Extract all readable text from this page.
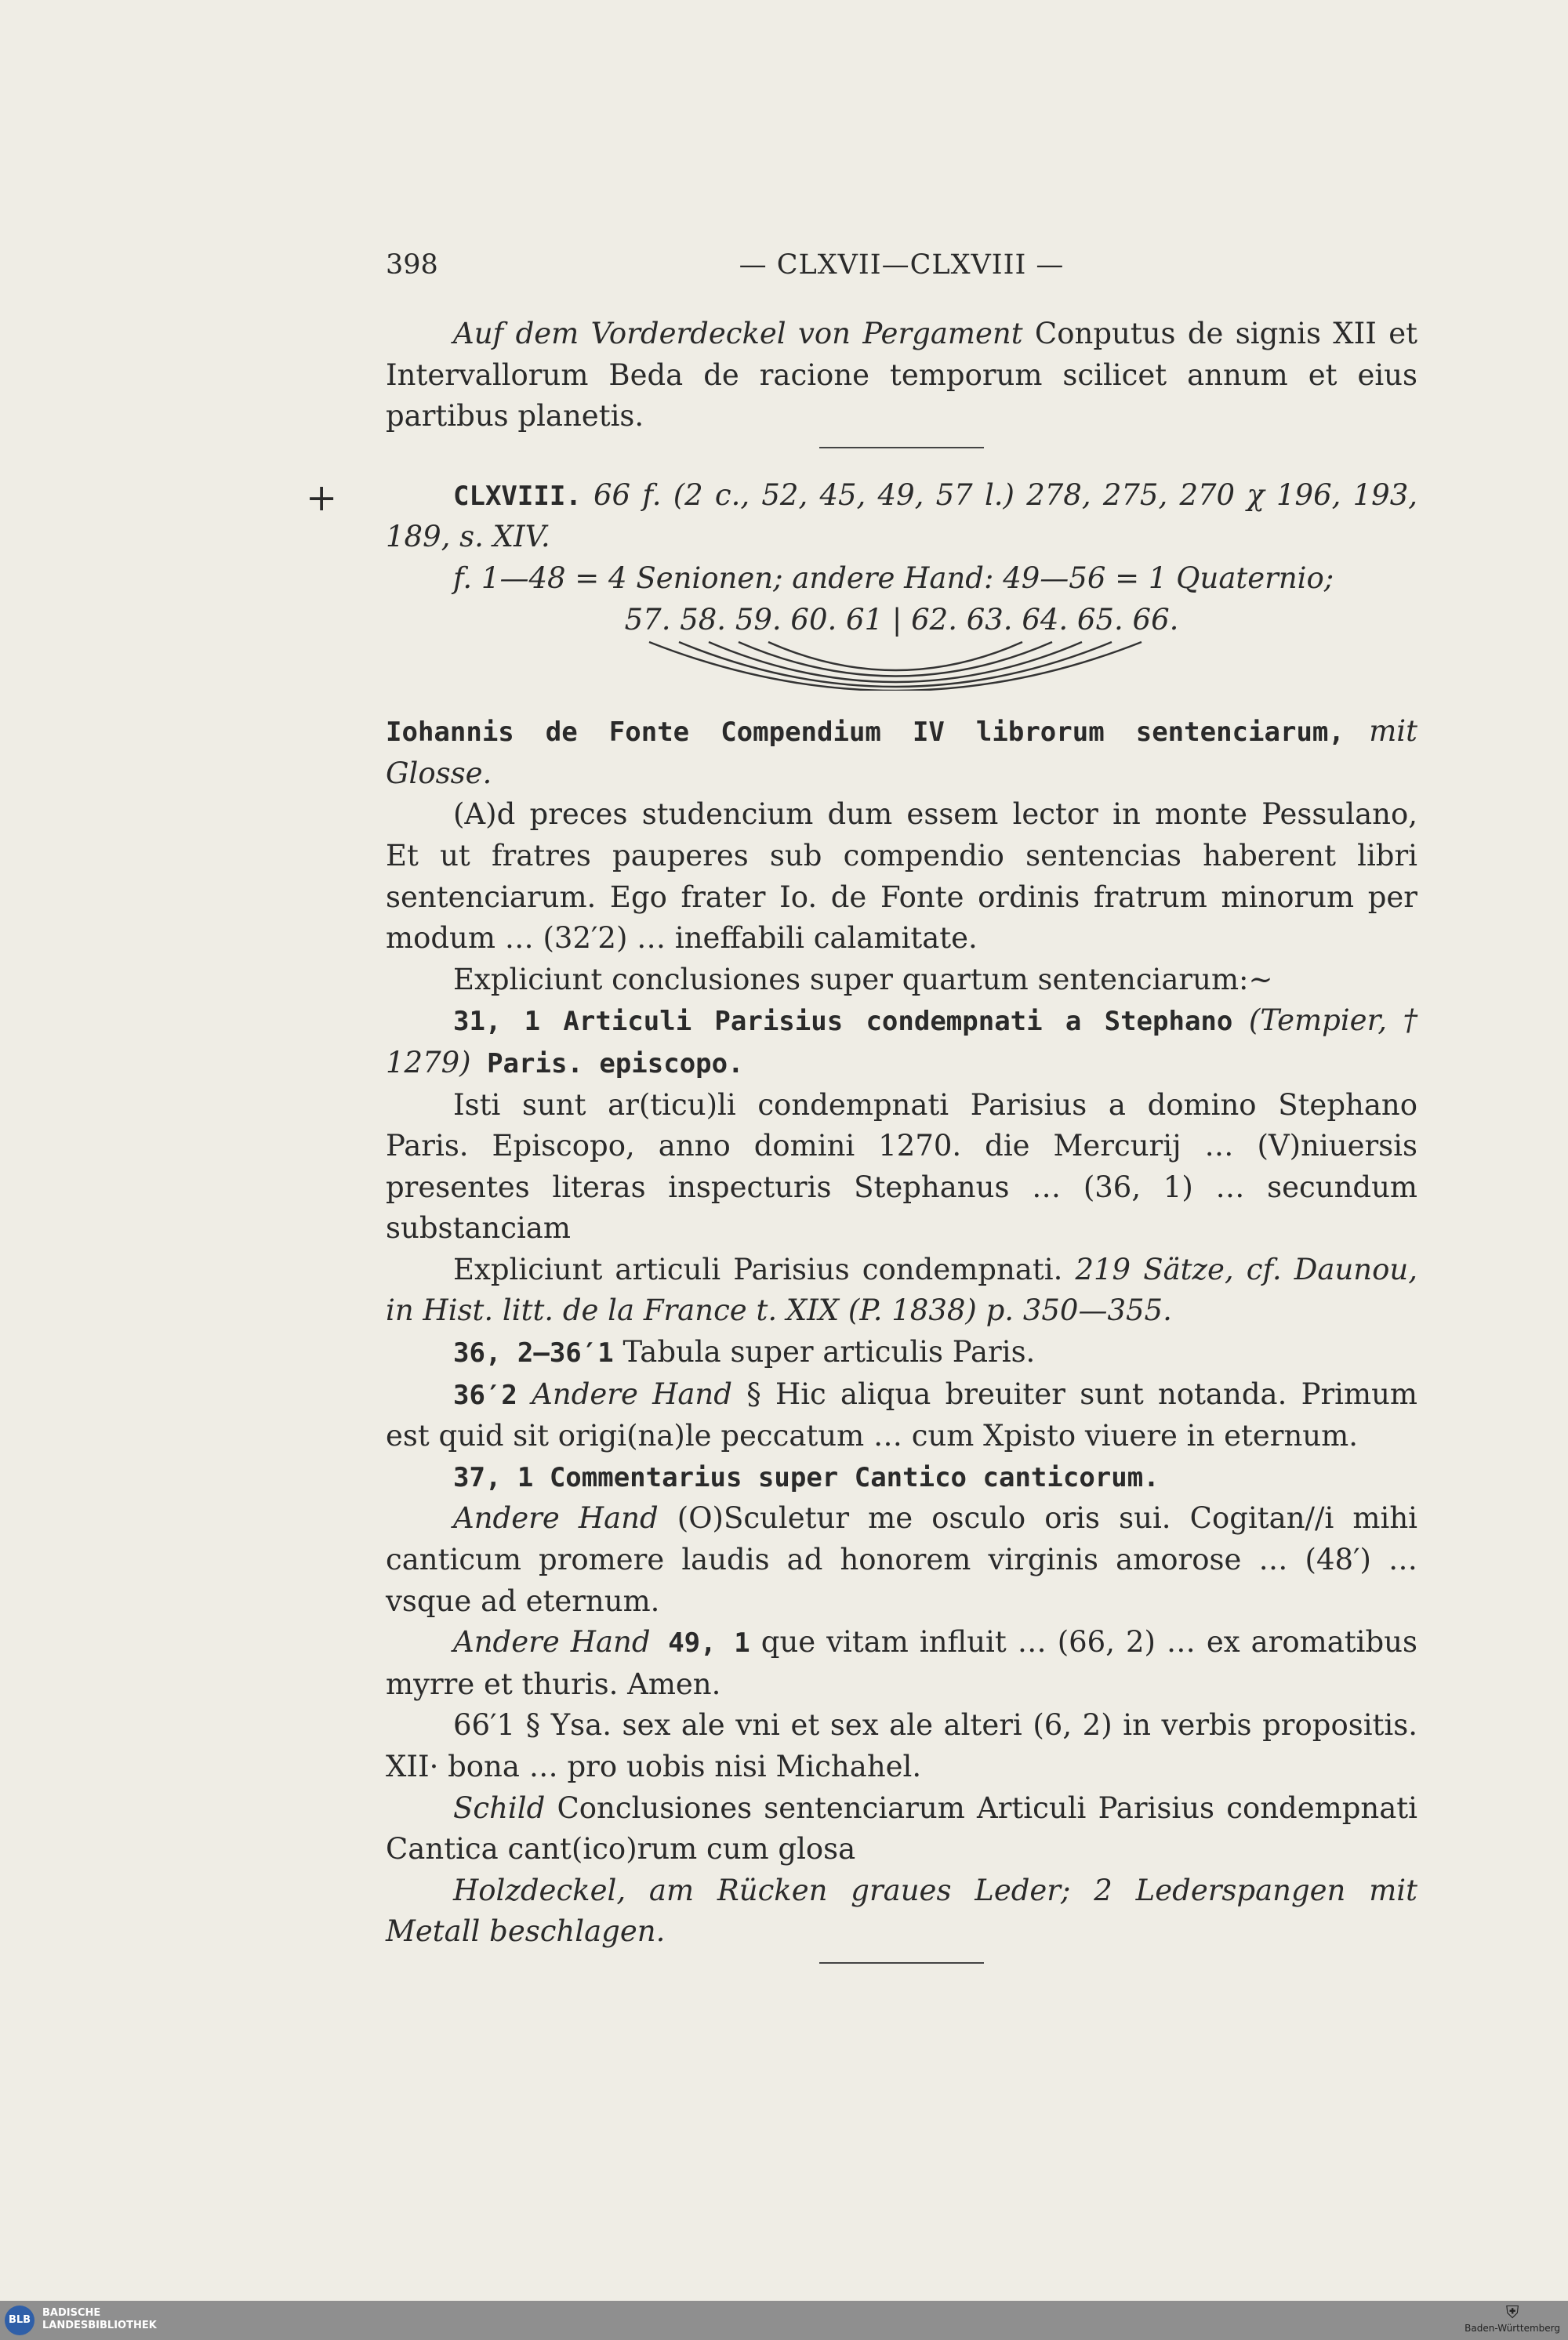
398	— CLXVII—CLXVIII —
+

Auf dem Vorderdeckel von Pergament Conputus de signis XII et Intervallorum Beda de racione temporum scilicet annum et eius partibus planetis.

CLXVIII. 66 f. (2 c., 52, 45, 49, 57 l.) 278, 275, 270 χ 196, 193, 189, s. XIV.

f. 1—48 = 4 Senionen; andere Hand: 49—56 = 1 Quaternio;

57. 58. 59. 60. 61 | 62. 63. 64. 65. 66.

Iohannis de Fonte Compendium IV librorum sentenciarum, mit Glosse.

(A)d preces studencium dum essem lector in monte Pessulano, Et ut fratres pauperes sub compendio sentencias haberent libri sentenciarum. Ego frater Io. de Fonte ordinis fratrum minorum per modum … (32′2) … ineffabili calamitate.

Expliciunt conclusiones super quartum sentenciarum:~

31, 1 Articuli Parisius condempnati a Stephano (Tempier, † 1279) Paris. episcopo.

Isti sunt ar(ticu)li condempnati Parisius a domino Stephano Paris. Episcopo, anno domini 1270. die Mercurij … (V)niuersis presentes literas inspecturis Stephanus … (36, 1) … secundum substanciam

Expliciunt articuli Parisius condempnati. 219 Sätze, cf. Daunou, in Hist. litt. de la France t. XIX (P. 1838) p. 350—355.

36, 2—36′1 Tabula super articulis Paris.

36′2 Andere Hand § Hic aliqua breuiter sunt notanda. Primum est quid sit origi(na)le peccatum … cum Xpisto viuere in eternum.

37, 1 Commentarius super Cantico canticorum.

Andere Hand (O)Sculetur me osculo oris sui. Cogitan//i mihi canticum promere laudis ad honorem virginis amorose … (48′) … vsque ad eternum.

Andere Hand 49, 1 que vitam influit … (66, 2) … ex aromatibus myrre et thuris. Amen.

66′1 § Ysa. sex ale vni et sex ale alteri (6, 2) in verbis propositis. XII· bona … pro uobis nisi Michahel.

Schild Conclusiones sentenciarum Articuli Parisius condempnati Cantica cant(ico)rum cum glosa

Holzdeckel, am Rücken graues Leder; 2 Lederspangen mit Metall beschlagen.

BLB
BADISCHE
LANDESBIBLIOTHEK
⛨
Baden-Württemberg
